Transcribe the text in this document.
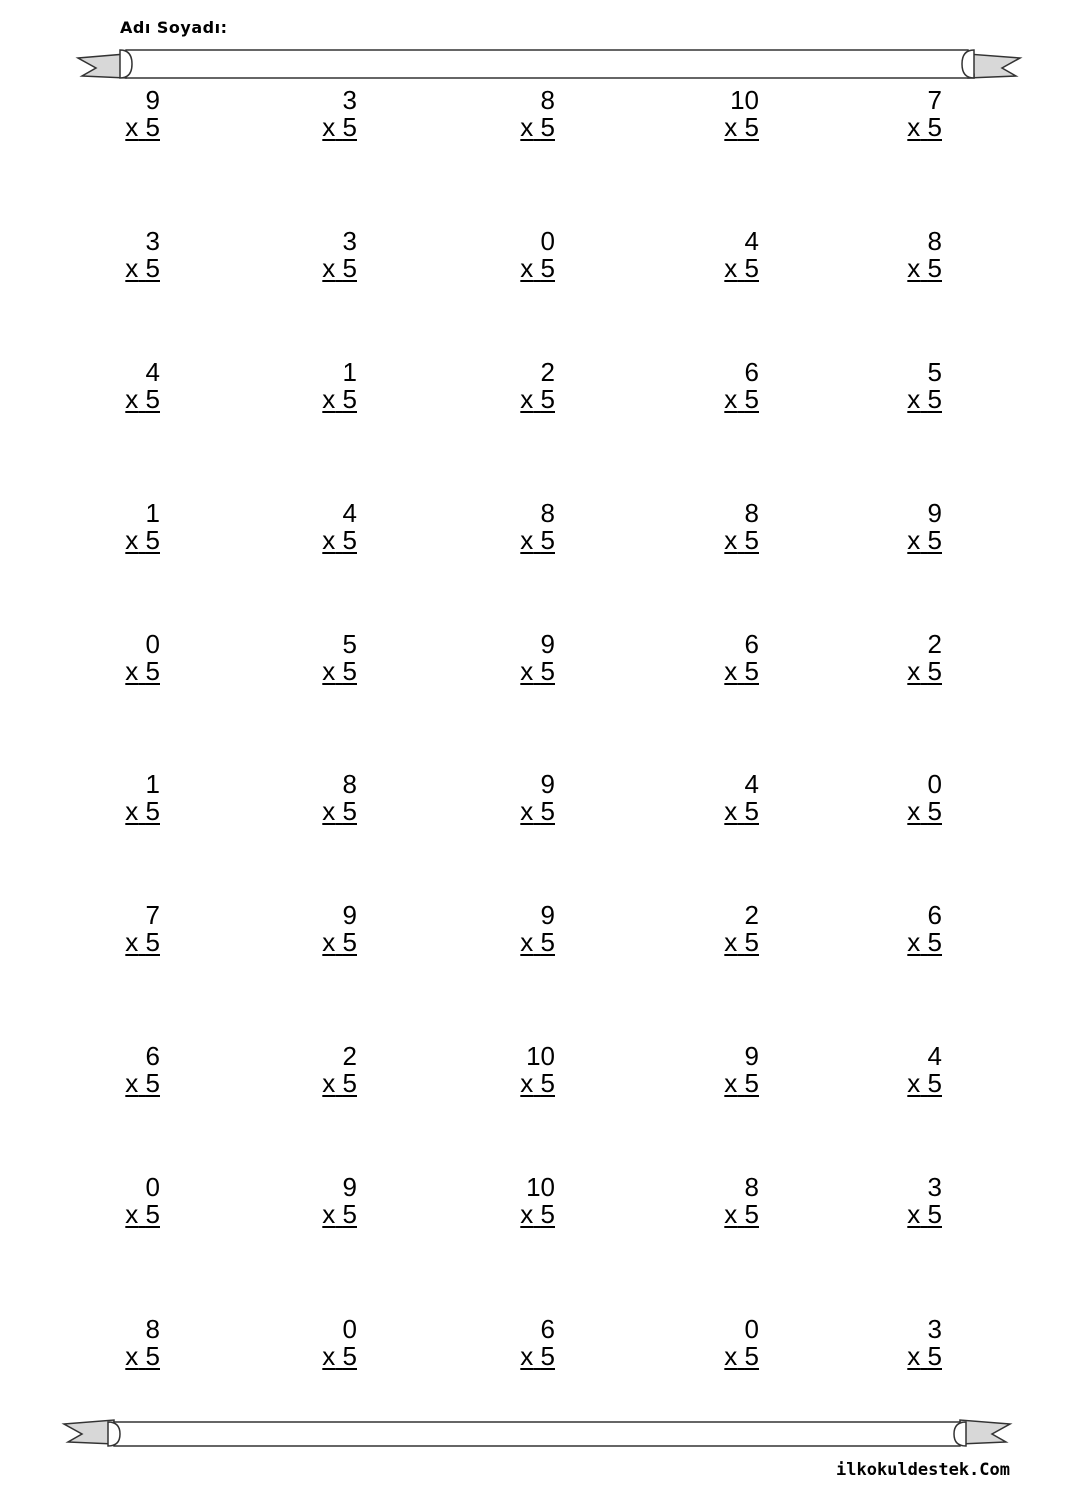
Adı Soyadı:
9
x 5
3
x 5
8
x 5
10
x 5
7
x 5
3
x 5
3
x 5
0
x 5
4
x 5
8
x 5
4
x 5
1
x 5
2
x 5
6
x 5
5
x 5
1
x 5
4
x 5
8
x 5
8
x 5
9
x 5
0
x 5
5
x 5
9
x 5
6
x 5
2
x 5
1
x 5
8
x 5
9
x 5
4
x 5
0
x 5
7
x 5
9
x 5
9
x 5
2
x 5
6
x 5
6
x 5
2
x 5
10
x 5
9
x 5
4
x 5
0
x 5
9
x 5
10
x 5
8
x 5
3
x 5
8
x 5
0
x 5
6
x 5
0
x 5
3
x 5
ilkokuldestek.Com
